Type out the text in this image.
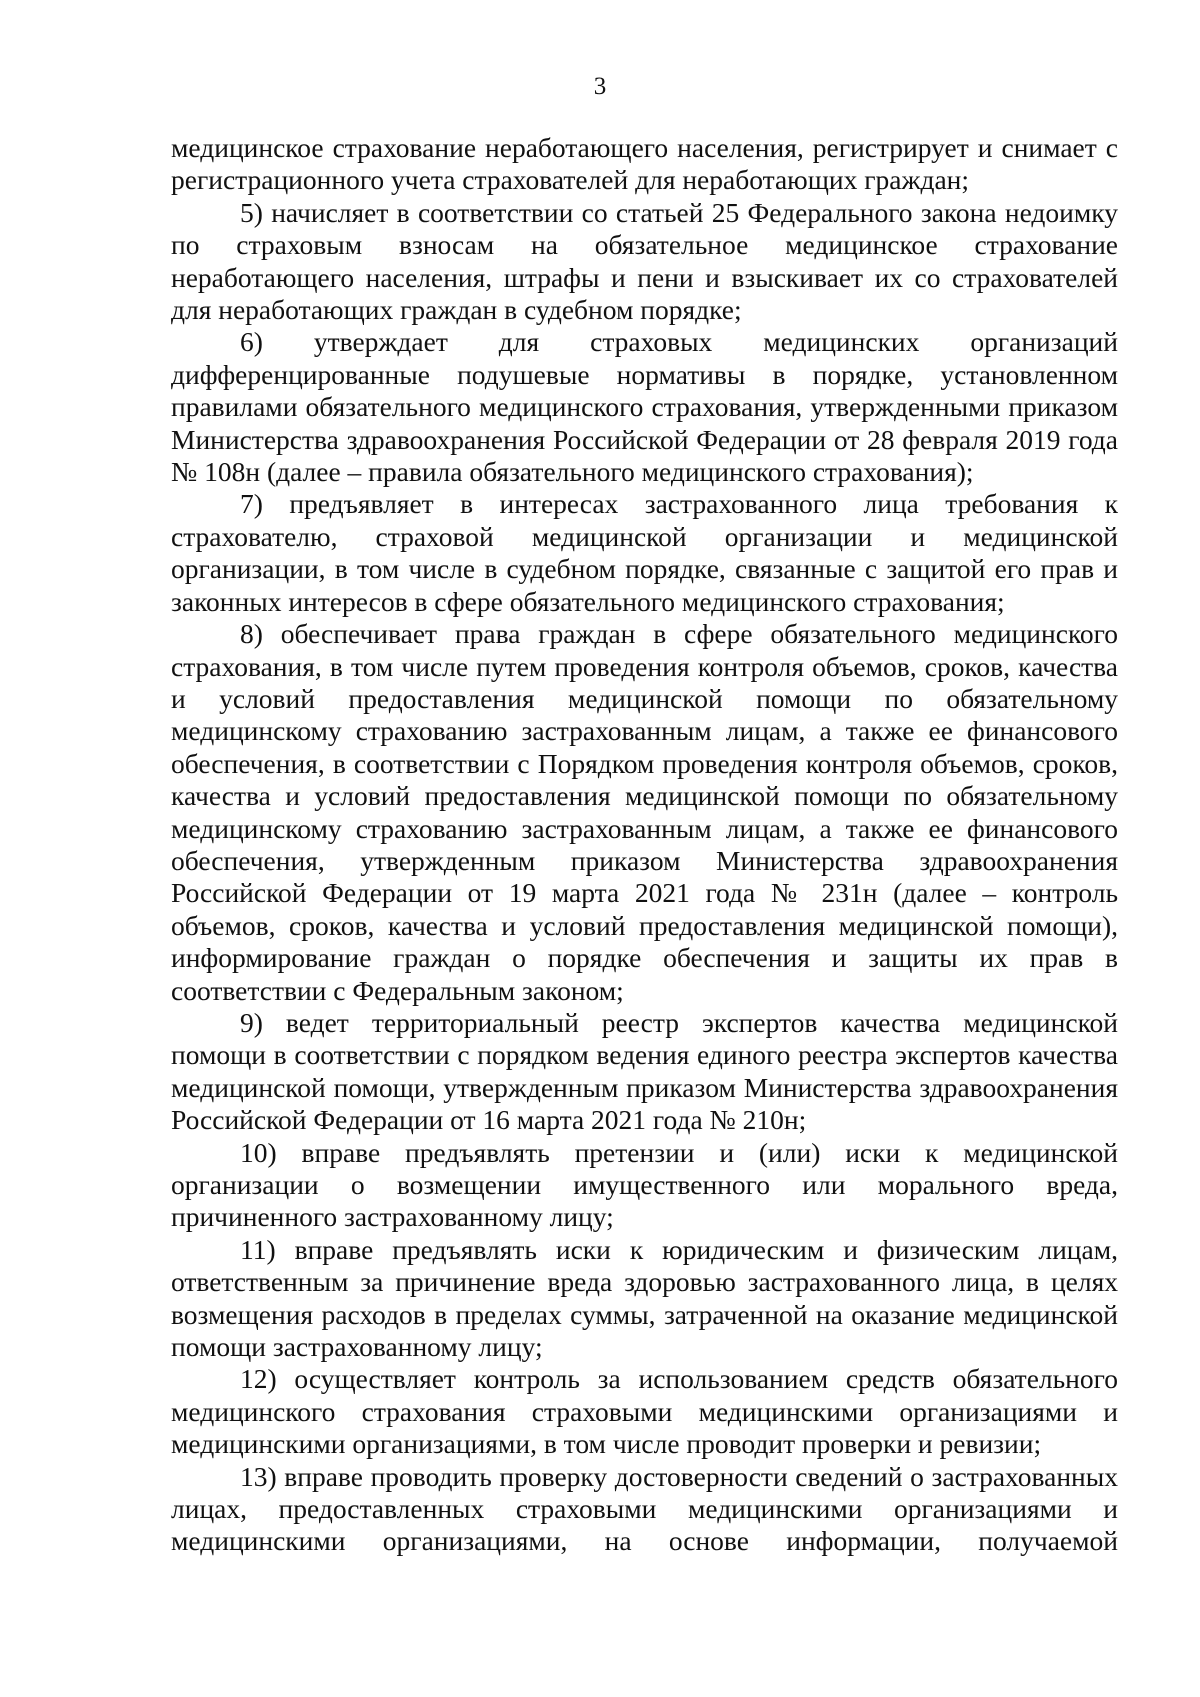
3

медицинское страхование неработающего населения, регистрирует и снимает с регистрационного учета страхователей для неработающих граждан;

5) начисляет в соответствии со статьей 25 Федерального закона недоимку по страховым взносам на обязательное медицинское страхование неработающего населения, штрафы и пени и взыскивает их со страхователей для неработающих граждан в судебном порядке;

6) утверждает для страховых медицинских организаций дифференцированные подушевые нормативы в порядке, установленном правилами обязательного медицинского страхования, утвержденными приказом Министерства здравоохранения Российской Федерации от 28 февраля 2019 года № 108н (далее – правила обязательного медицинского страхования);

7) предъявляет в интересах застрахованного лица требования к страхователю, страховой медицинской организации и медицинской организации, в том числе в судебном порядке, связанные с защитой его прав и законных интересов в сфере обязательного медицинского страхования;

8) обеспечивает права граждан в сфере обязательного медицинского страхования, в том числе путем проведения контроля объемов, сроков, качества и условий предоставления медицинской помощи по обязательному медицинскому страхованию застрахованным лицам, а также ее финансового обеспечения, в соответствии с Порядком проведения контроля объемов, сроков, качества и условий предоставления медицинской помощи по обязательному медицинскому страхованию застрахованным лицам, а также ее финансового обеспечения, утвержденным приказом Министерства здравоохранения Российской Федерации от 19 марта 2021 года № 231н (далее – контроль объемов, сроков, качества и условий предоставления медицинской помощи), информирование граждан о порядке обеспечения и защиты их прав в соответствии с Федеральным законом;

9) ведет территориальный реестр экспертов качества медицинской помощи в соответствии с порядком ведения единого реестра экспертов качества медицинской помощи, утвержденным приказом Министерства здравоохранения Российской Федерации от 16 марта 2021 года № 210н;

10) вправе предъявлять претензии и (или) иски к медицинской организации о возмещении имущественного или морального вреда, причиненного застрахованному лицу;

11) вправе предъявлять иски к юридическим и физическим лицам, ответственным за причинение вреда здоровью застрахованного лица, в целях возмещения расходов в пределах суммы, затраченной на оказание медицинской помощи застрахованному лицу;

12) осуществляет контроль за использованием средств обязательного медицинского страхования страховыми медицинскими организациями и медицинскими организациями, в том числе проводит проверки и ревизии;

13) вправе проводить проверку достоверности сведений о застрахованных лицах, предоставленных страховыми медицинскими организациями и медицинскими организациями, на основе информации, получаемой
